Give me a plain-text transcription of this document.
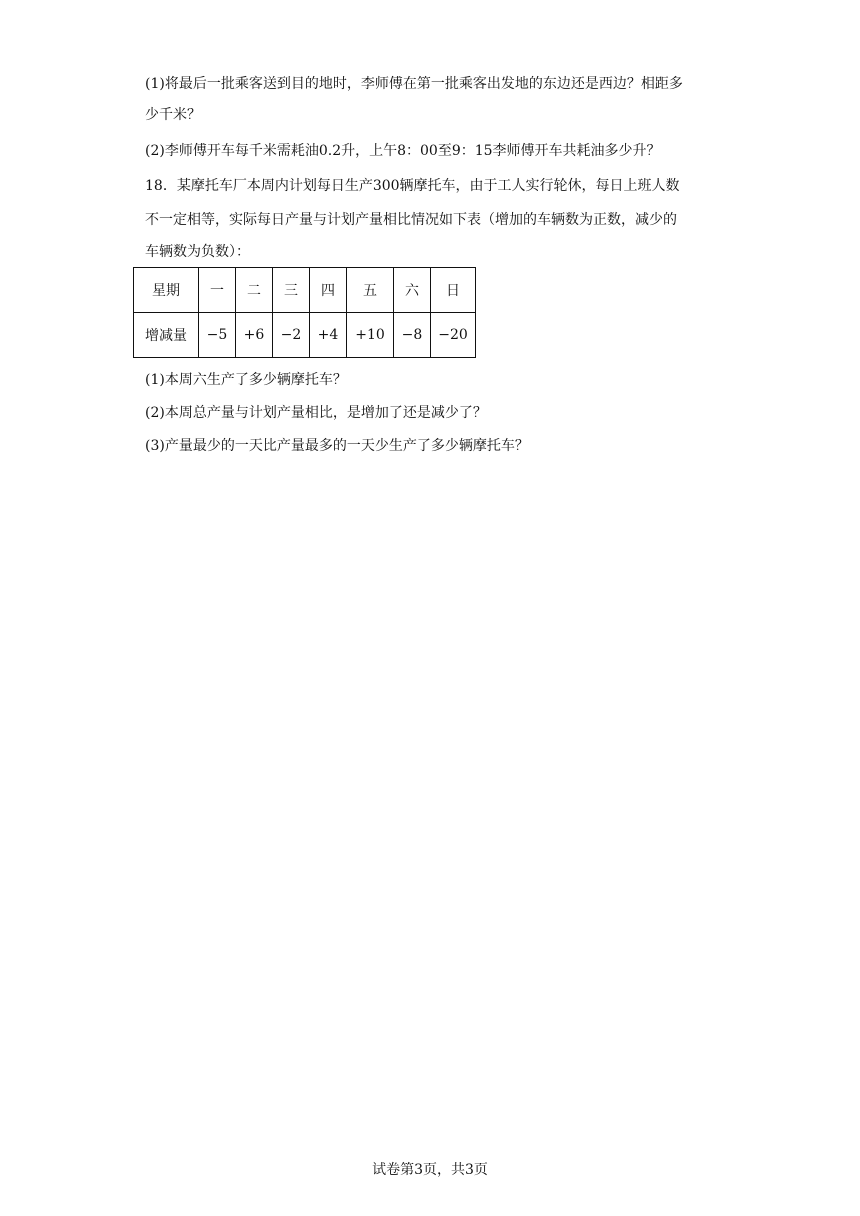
(1)将最后一批乘客送到目的地时，李师傅在第一批乘客出发地的东边还是西边？相距多
少千米？
(2)李师傅开车每千米需耗油0.2升，上午8：00至9：15李师傅开车共耗油多少升？
18．某摩托车厂本周内计划每日生产300辆摩托车，由于工人实行轮休，每日上班人数
不一定相等，实际每日产量与计划产量相比情况如下表（增加的车辆数为正数，减少的
车辆数为负数）：
星期	一	二	三	四	五	六	日
增减量	−5	+6	−2	+4	+10	−8	−20
(1)本周六生产了多少辆摩托车？
(2)本周总产量与计划产量相比，是增加了还是减少了？
(3)产量最少的一天比产量最多的一天少生产了多少辆摩托车？
试卷第3页，共3页
